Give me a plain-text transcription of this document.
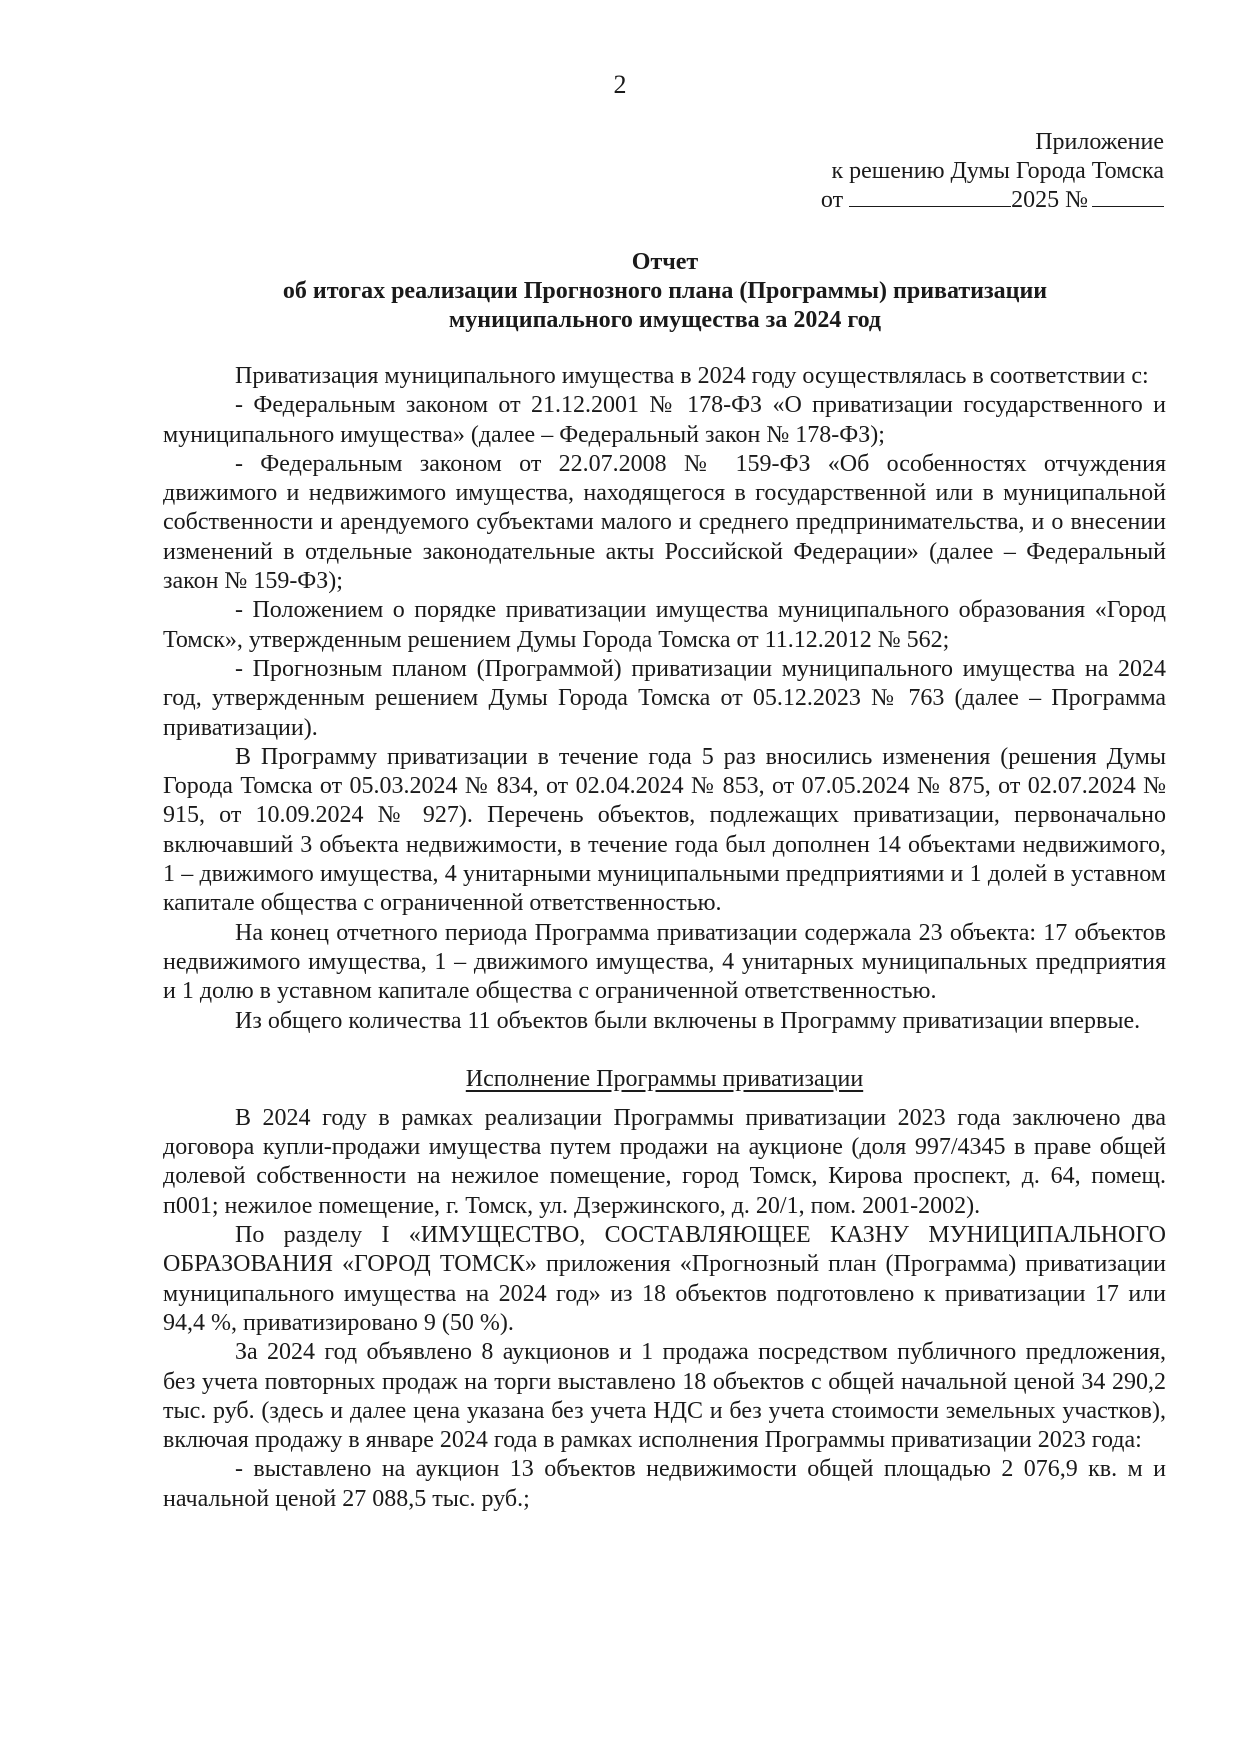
2
Приложение
к решению Думы Города Томска
от	2025 №
Отчет
об итогах реализации Прогнозного плана (Программы) приватизации
муниципального имущества за 2024 год

Приватизация муниципального имущества в 2024 году осуществлялась в соответствии с:

- Федеральным законом от 21.12.2001 № 178-ФЗ «О приватизации государственного и муниципального имущества» (далее – Федеральный закон № 178-ФЗ);

- Федеральным законом от 22.07.2008 № 159-ФЗ «Об особенностях отчуждения движимого и недвижимого имущества, находящегося в государственной или в муниципальной собственности и арендуемого субъектами малого и среднего предпринимательства, и о внесении изменений в отдельные законодательные акты Российской Федерации» (далее – Федеральный закон № 159-ФЗ);

- Положением о порядке приватизации имущества муниципального образования «Город Томск», утвержденным решением Думы Города Томска от 11.12.2012 № 562;

- Прогнозным планом (Программой) приватизации муниципального имущества на 2024 год, утвержденным решением Думы Города Томска от 05.12.2023 № 763 (далее – Программа приватизации).

В Программу приватизации в течение года 5 раз вносились изменения (решения Думы Города Томска от 05.03.2024 № 834, от 02.04.2024 № 853, от 07.05.2024 № 875, от 02.07.2024 № 915, от 10.09.2024 № 927). Перечень объектов, подлежащих приватизации, первоначально включавший 3 объекта недвижимости, в течение года был дополнен 14 объектами недвижимого, 1 – движимого имущества, 4 унитарными муниципальными предприятиями и 1 долей в уставном капитале общества с ограниченной ответственностью.

На конец отчетного периода Программа приватизации содержала 23 объекта: 17 объектов недвижимого имущества, 1 – движимого имущества, 4 унитарных муниципальных предприятия и 1 долю в уставном капитале общества с ограниченной ответственностью.

Из общего количества 11 объектов были включены в Программу приватизации впервые.

Исполнение Программы приватизации

В 2024 году в рамках реализации Программы приватизации 2023 года заключено два договора купли-продажи имущества путем продажи на аукционе (доля 997/4345 в праве общей долевой собственности на нежилое помещение, город Томск, Кирова проспект, д. 64, помещ. п001; нежилое помещение, г. Томск, ул. Дзержинского, д. 20/1, пом. 2001-2002).

По разделу I «ИМУЩЕСТВО, СОСТАВЛЯЮЩЕЕ КАЗНУ МУНИЦИПАЛЬНОГО ОБРАЗОВАНИЯ «ГОРОД ТОМСК» приложения «Прогнозный план (Программа) приватизации муниципального имущества на 2024 год» из 18 объектов подготовлено к приватизации 17 или 94,4 %, приватизировано 9 (50 %).

За 2024 год объявлено 8 аукционов и 1 продажа посредством публичного предложения, без учета повторных продаж на торги выставлено 18 объектов с общей начальной ценой 34 290,2 тыс. руб. (здесь и далее цена указана без учета НДС и без учета стоимости земельных участков), включая продажу в январе 2024 года в рамках исполнения Программы приватизации 2023 года:

- выставлено на аукцион 13 объектов недвижимости общей площадью 2 076,9 кв. м и начальной ценой 27 088,5 тыс. руб.;
